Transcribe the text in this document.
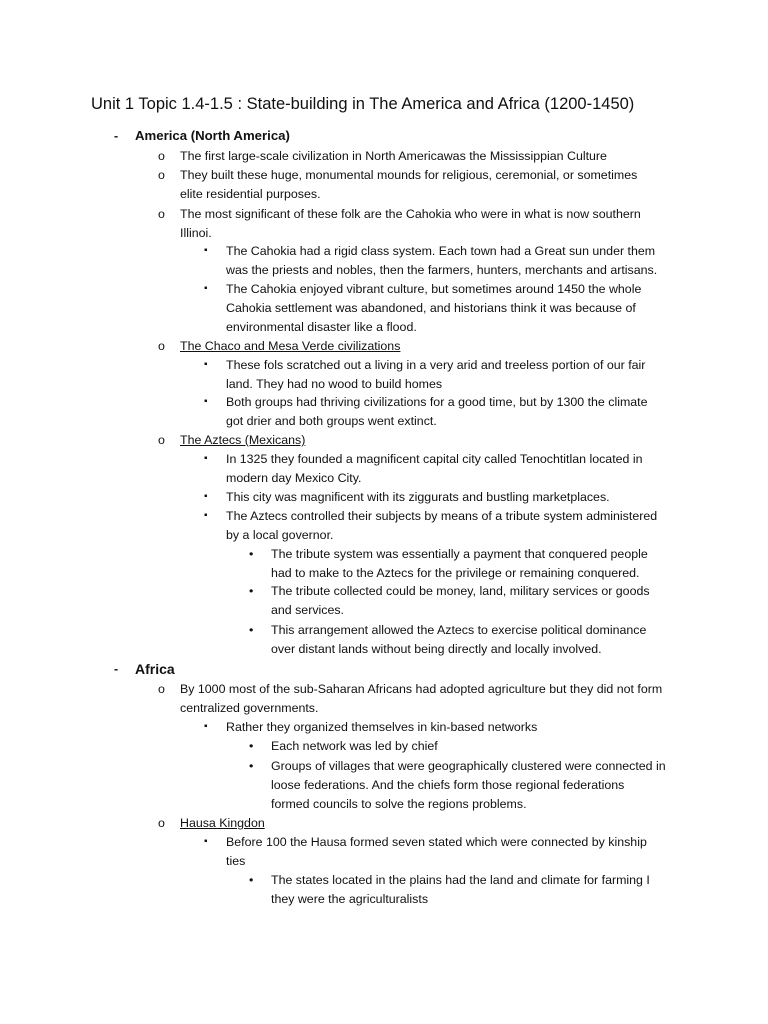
Unit 1 Topic 1.4-1.5 : State-building in The America and Africa (1200-1450)
- America (North America)
o The first large-scale civilization in North Americawas the Mississippian Culture
o They built these huge, monumental mounds for religious, ceremonial, or sometimes
elite residential purposes.
o The most significant of these folk are the Cahokia who were in what is now southern
Illinoi.
▪ The Cahokia had a rigid class system. Each town had a Great sun under them
was the priests and nobles, then the farmers, hunters, merchants and artisans.
▪ The Cahokia enjoyed vibrant culture, but sometimes around 1450 the whole
Cahokia settlement was abandoned, and historians think it was because of
environmental disaster like a flood.
o The Chaco and Mesa Verde civilizations
▪ These fols scratched out a living in a very arid and treeless portion of our fair
land. They had no wood to build homes
▪ Both groups had thriving civilizations for a good time, but by 1300 the climate
got drier and both groups went extinct.
o The Aztecs (Mexicans)
▪ In 1325 they founded a magnificent capital city called Tenochtitlan located in
modern day Mexico City.
▪ This city was magnificent with its ziggurats and bustling marketplaces.
▪ The Aztecs controlled their subjects by means of a tribute system administered
by a local governor.
• The tribute system was essentially a payment that conquered people
had to make to the Aztecs for the privilege or remaining conquered.
• The tribute collected could be money, land, military services or goods
and services.
• This arrangement allowed the Aztecs to exercise political dominance
over distant lands without being directly and locally involved.
- Africa
o By 1000 most of the sub-Saharan Africans had adopted agriculture but they did not form
centralized governments.
▪ Rather they organized themselves in kin-based networks
• Each network was led by chief
• Groups of villages that were geographically clustered were connected in
loose federations. And the chiefs form those regional federations
formed councils to solve the regions problems.
o Hausa Kingdon
▪ Before 100 the Hausa formed seven stated which were connected by kinship
ties
• The states located in the plains had the land and climate for farming I
they were the agriculturalists
